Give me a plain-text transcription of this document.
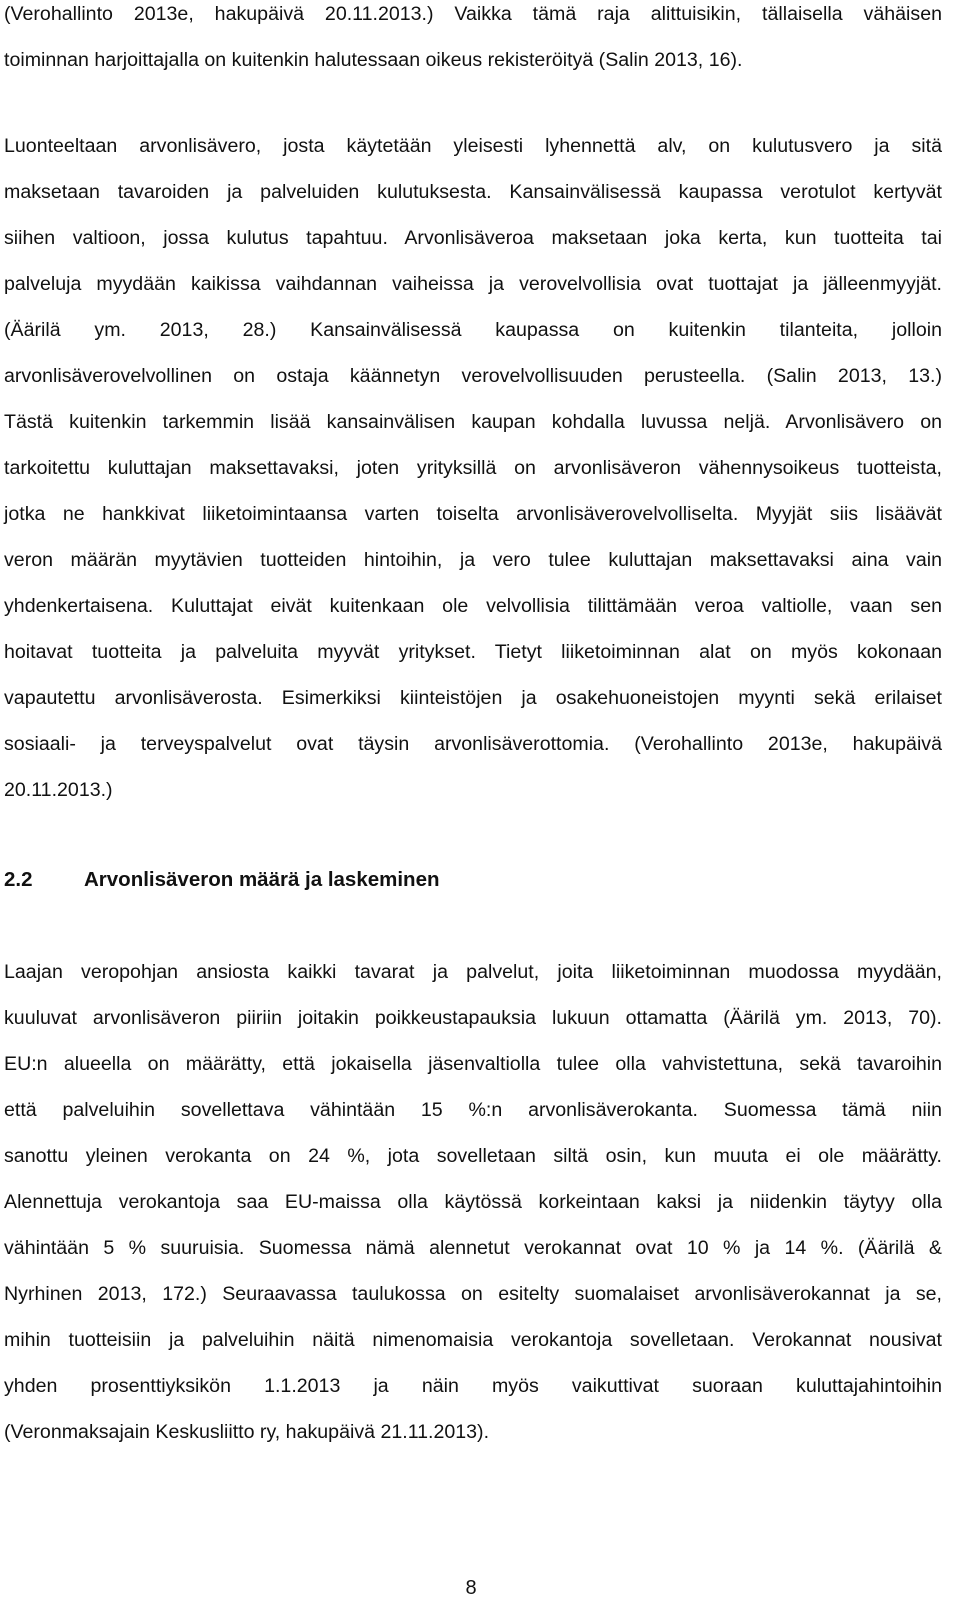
(Verohallinto 2013e, hakupäivä 20.11.2013.) Vaikka tämä raja alittuisikin, tällaisella vähäisen
toiminnan harjoittajalla on kuitenkin halutessaan oikeus rekisteröityä (Salin 2013, 16).
Luonteeltaan arvonlisävero, josta käytetään yleisesti lyhennettä alv, on kulutusvero ja sitä
maksetaan tavaroiden ja palveluiden kulutuksesta. Kansainvälisessä kaupassa verotulot kertyvät
siihen valtioon, jossa kulutus tapahtuu. Arvonlisäveroa maksetaan joka kerta, kun tuotteita tai
palveluja myydään kaikissa vaihdannan vaiheissa ja verovelvollisia ovat tuottajat ja jälleenmyyjät.
(Äärilä ym. 2013, 28.) Kansainvälisessä kaupassa on kuitenkin tilanteita, jolloin
arvonlisäverovelvollinen on ostaja käännetyn verovelvollisuuden perusteella. (Salin 2013, 13.)
Tästä kuitenkin tarkemmin lisää kansainvälisen kaupan kohdalla luvussa neljä. Arvonlisävero on
tarkoitettu kuluttajan maksettavaksi, joten yrityksillä on arvonlisäveron vähennysoikeus tuotteista,
jotka ne hankkivat liiketoimintaansa varten toiselta arvonlisäverovelvolliselta. Myyjät siis lisäävät
veron määrän myytävien tuotteiden hintoihin, ja vero tulee kuluttajan maksettavaksi aina vain
yhdenkertaisena. Kuluttajat eivät kuitenkaan ole velvollisia tilittämään veroa valtiolle, vaan sen
hoitavat tuotteita ja palveluita myyvät yritykset. Tietyt liiketoiminnan alat on myös kokonaan
vapautettu arvonlisäverosta. Esimerkiksi kiinteistöjen ja osakehuoneistojen myynti sekä erilaiset
sosiaali- ja terveyspalvelut ovat täysin arvonlisäverottomia. (Verohallinto 2013e, hakupäivä
20.11.2013.)
2.2	Arvonlisäveron määrä ja laskeminen
Laajan veropohjan ansiosta kaikki tavarat ja palvelut, joita liiketoiminnan muodossa myydään,
kuuluvat arvonlisäveron piiriin joitakin poikkeustapauksia lukuun ottamatta (Äärilä ym. 2013, 70).
EU:n alueella on määrätty, että jokaisella jäsenvaltiolla tulee olla vahvistettuna, sekä tavaroihin
että palveluihin sovellettava vähintään 15 %:n arvonlisäverokanta. Suomessa tämä niin
sanottu yleinen verokanta on 24 %, jota sovelletaan siltä osin, kun muuta ei ole määrätty.
Alennettuja verokantoja saa EU-maissa olla käytössä korkeintaan kaksi ja niidenkin täytyy olla
vähintään 5 % suuruisia. Suomessa nämä alennetut verokannat ovat 10 % ja 14 %. (Äärilä &
Nyrhinen 2013, 172.) Seuraavassa taulukossa on esitelty suomalaiset arvonlisäverokannat ja se,
mihin tuotteisiin ja palveluihin näitä nimenomaisia verokantoja sovelletaan. Verokannat nousivat
yhden prosenttiyksikön 1.1.2013 ja näin myös vaikuttivat suoraan kuluttajahintoihin
(Veronmaksajain Keskusliitto ry, hakupäivä 21.11.2013).
8
